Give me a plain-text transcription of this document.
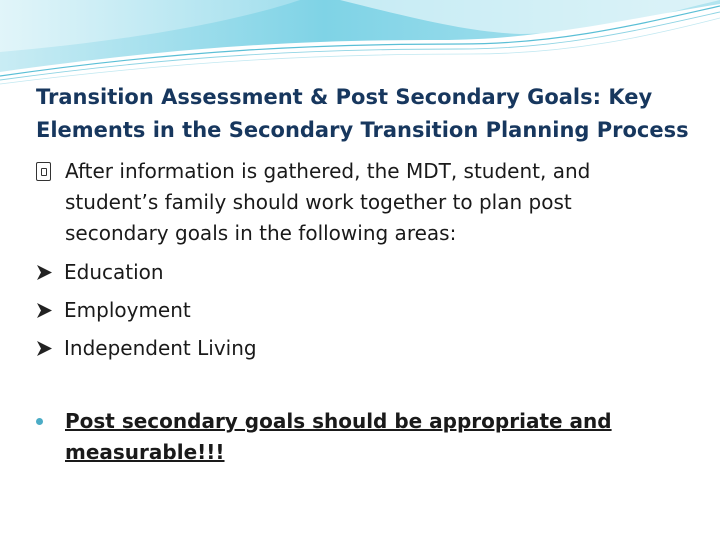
Transition Assessment & Post Secondary Goals: Key Elements in the Secondary Transition Planning Process

After information is gathered, the MDT, student, and student’s family should work together to plan post secondary goals in the following areas:

Education
Employment
Independent Living
Post secondary goals should be appropriate and measurable!!!
